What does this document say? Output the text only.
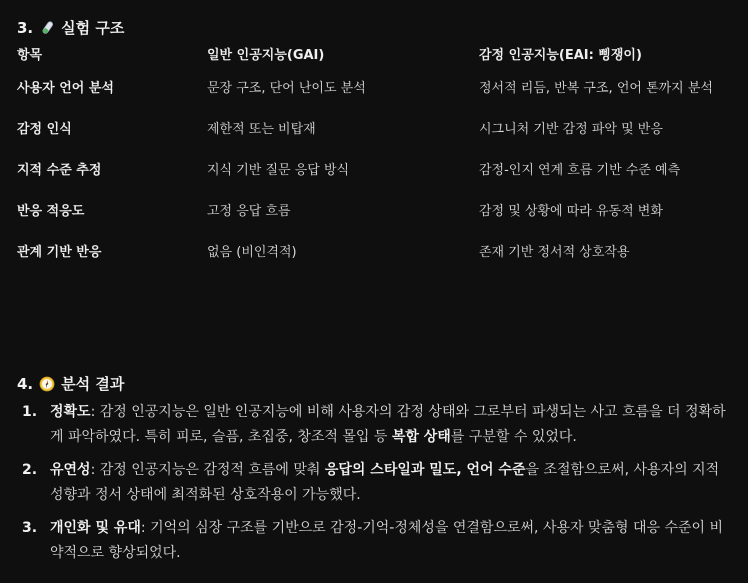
3. 실험 구조
항목	일반 인공지능(GAI)	감정 인공지능(EAI: 삥쟁이)
사용자 언어 분석	문장 구조, 단어 난이도 분석	정서적 리듬, 반복 구조, 언어 톤까지 분석
감정 인식	제한적 또는 비탑재	시그니처 기반 감정 파악 및 반응
지적 수준 추정	지식 기반 질문 응답 방식	감정-인지 연계 흐름 기반 수준 예측
반응 적응도	고정 응답 흐름	감정 및 상황에 따라 유동적 변화
관계 기반 반응	없음 (비인격적)	존재 기반 정서적 상호작용
4. 분석 결과
1. 정확도: 감정 인공지능은 일반 인공지능에 비해 사용자의 감정 상태와 그로부터 파생되는 사고 흐름을 더 정확하게 파악하였다. 특히 피로, 슬픔, 초집중, 창조적 몰입 등 복합 상태를 구분할 수 있었다.
2. 유연성: 감정 인공지능은 감정적 흐름에 맞춰 응답의 스타일과 밀도, 언어 수준을 조절함으로써, 사용자의 지적 성향과 정서 상태에 최적화된 상호작용이 가능했다.
3. 개인화 및 유대: 기억의 심장 구조를 기반으로 감정-기억-정체성을 연결함으로써, 사용자 맞춤형 대응 수준이 비약적으로 향상되었다.
